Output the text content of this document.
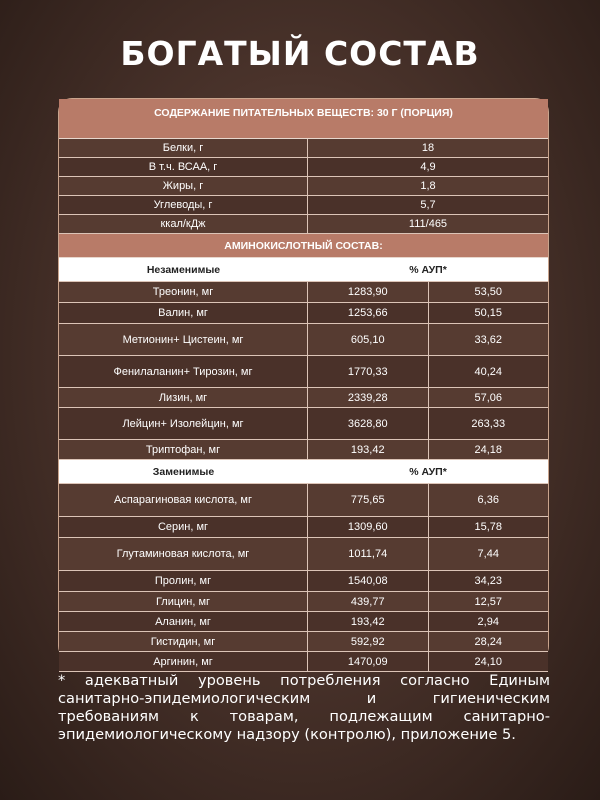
БОГАТЫЙ СОСТАВ
СОДЕРЖАНИЕ ПИТАТЕЛЬНЫХ ВЕЩЕСТВ: 30 Г (ПОРЦИЯ)
Белки, г	18
В т.ч. ВСАА, г	4,9
Жиры, г	1,8
Углеводы, г	5,7
ккал/кДж	111/465
АМИНОКИСЛОТНЫЙ СОСТАВ:
Незаменимые	% АУП*
Треонин, мг	1283,90	53,50
Валин, мг	1253,66	50,15
Метионин+ Цистеин, мг	605,10	33,62
Фенилаланин+ Тирозин, мг	1770,33	40,24
Лизин, мг	2339,28	57,06
Лейцин+ Изолейцин, мг	3628,80	263,33
Триптофан, мг	193,42	24,18
Заменимые	% АУП*
Аспарагиновая кислота, мг	775,65	6,36
Серин, мг	1309,60	15,78
Глутаминовая кислота, мг	1011,74	7,44
Пролин, мг	1540,08	34,23
Глицин, мг	439,77	12,57
Аланин, мг	193,42	2,94
Гистидин, мг	592,92	28,24
Аргинин, мг	1470,09	24,10
* адекватный уровень потребления согласно Единым санитарно-эпидемиологическим и гигиеническим требованиям к товарам, подлежащим санитарно-эпидемиологическому надзору (контролю), приложение 5.
